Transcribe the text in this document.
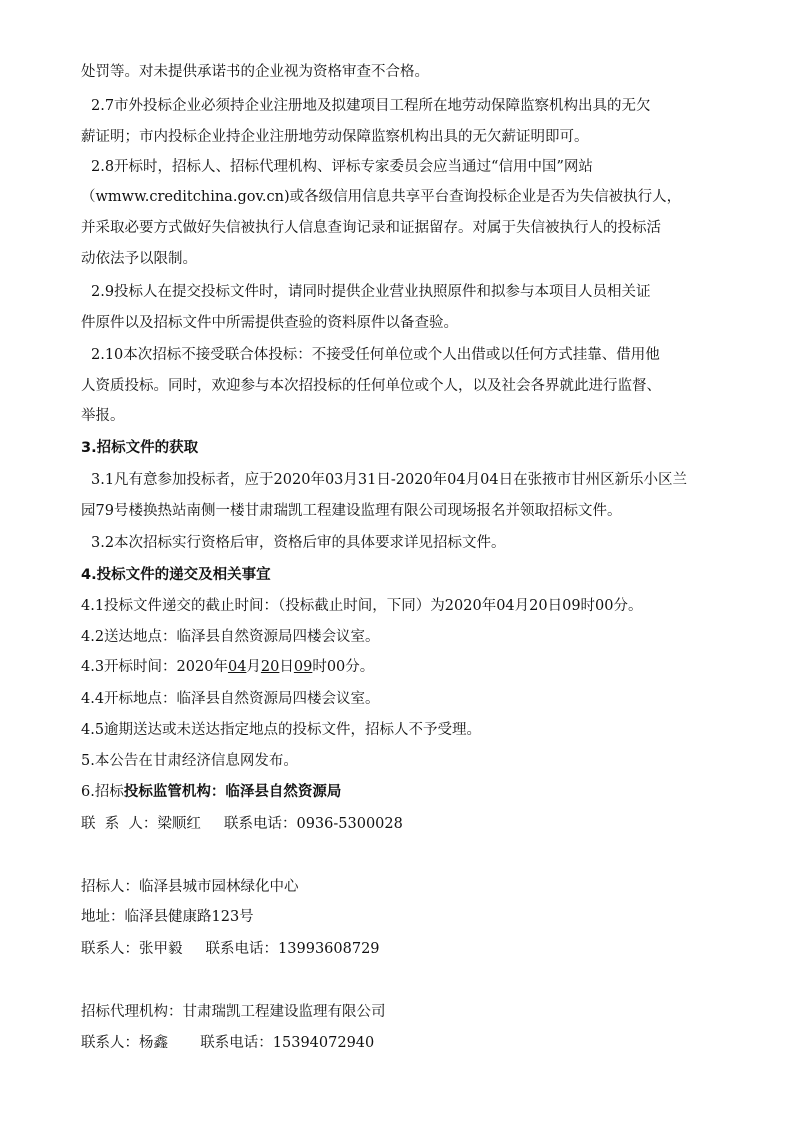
处罚等。对未提供承诺书的企业视为资格审查不合格。
2.7市外投标企业必须持企业注册地及拟建项目工程所在地劳动保障监察机构出具的无欠
薪证明；市内投标企业持企业注册地劳动保障监察机构出具的无欠薪证明即可。
2.8开标时，招标人、招标代理机构、评标专家委员会应当通过“信用中国”网站
（wmww.creditchina.gov.cn)或各级信用信息共享平台查询投标企业是否为失信被执行人，
并采取必要方式做好失信被执行人信息查询记录和证据留存。对属于失信被执行人的投标活
动依法予以限制。
2.9投标人在提交投标文件时，请同时提供企业营业执照原件和拟参与本项目人员相关证
件原件以及招标文件中所需提供查验的资料原件以备查验。
2.10本次招标不接受联合体投标：不接受任何单位或个人出借或以任何方式挂靠、借用他
人资质投标。同时，欢迎参与本次招投标的任何单位或个人，以及社会各界就此进行监督、
举报。
3.招标文件的获取
3.1凡有意参加投标者，应于2020年03月31日-2020年04月04日在张掖市甘州区新乐小区兰
园79号楼换热站南侧一楼甘肃瑞凯工程建设监理有限公司现场报名并领取招标文件。
3.2本次招标实行资格后审，资格后审的具体要求详见招标文件。
4.投标文件的递交及相关事宜
4.1投标文件递交的截止时间：（投标截止时间，下同）为2020年04月20日09时00分。
4.2送达地点：临泽县自然资源局四楼会议室。
4.3开标时间：2020年04月20日09时00分。
4.4开标地点：临泽县自然资源局四楼会议室。
4.5逾期送达或未送达指定地点的投标文件，招标人不予受理。
5.本公告在甘肃经济信息网发布。
6.招标投标监管机构：临泽县自然资源局
联  系  人：梁顺红     联系电话：0936-5300028
招标人：临泽县城市园林绿化中心
地址：临泽县健康路123号
联系人：张甲毅     联系电话：13993608729
招标代理机构：甘肃瑞凯工程建设监理有限公司
联系人：杨鑫       联系电话：15394072940
